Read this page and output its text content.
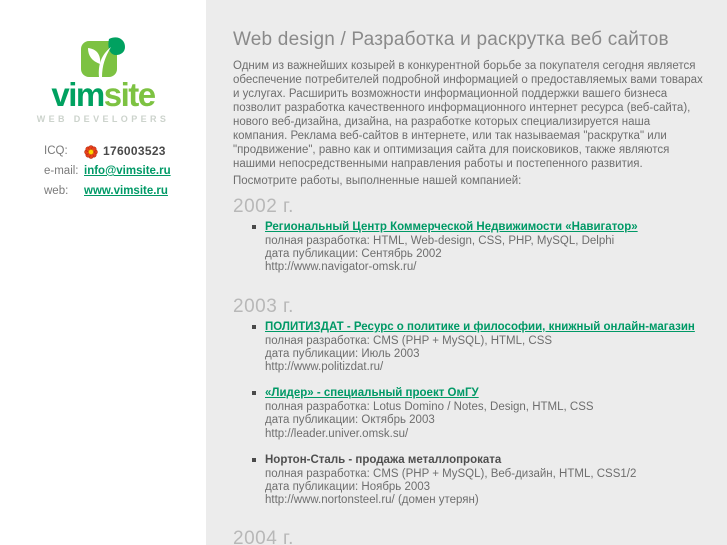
vimsite
WEB DEVELOPERS
ICQ:	176003523
e-mail: info@vimsite.ru
web:	www.vimsite.ru
Web design / Разработка и раскрутка веб сайтов

Одним из важнейших козырей в конкурентной борьбе за покупателя сегодня является обеспечение потребителей подробной информацией о предоставляемых вами товарах и услугах. Расширить возможности информационной поддержки вашего бизнеса позволит разработка качественного информационного интернет ресурса (веб-сайта), нового веб-дизайна, дизайна, на разработке которых специализируется наша компания. Реклама веб-сайтов в интернете, или так называемая "раскрутка" или "продвижение", равно как и оптимизация сайта для поисковиков, также являются нашими непосредственными направления работы и постепенного развития.

Посмотрите работы, выполненные нашей компанией:

2002 г.
Региональный Центр Коммерческой Недвижимости «Навигатор»
полная разработка: HTML, Web-design, CSS, PHP, MySQL, Delphi
дата публикации: Сентябрь 2002
http://www.navigator-omsk.ru/
2003 г.
ПОЛИТИЗДАТ - Ресурс о политике и философии, книжный онлайн-магазин
полная разработка: CMS (PHP + MySQL), HTML, CSS
дата публикации: Июль 2003
http://www.politizdat.ru/
«Лидер» - специальный проект ОмГУ
полная разработка: Lotus Domino / Notes, Design, HTML, CSS
дата публикации: Октябрь 2003
http://leader.univer.omsk.su/
Нортон-Сталь - продажа металлопроката
полная разработка: CMS (PHP + MySQL), Веб-дизайн, HTML, CSS1/2
дата публикации: Ноябрь 2003
http://www.nortonsteel.ru/ (домен утерян)
2004 г.
